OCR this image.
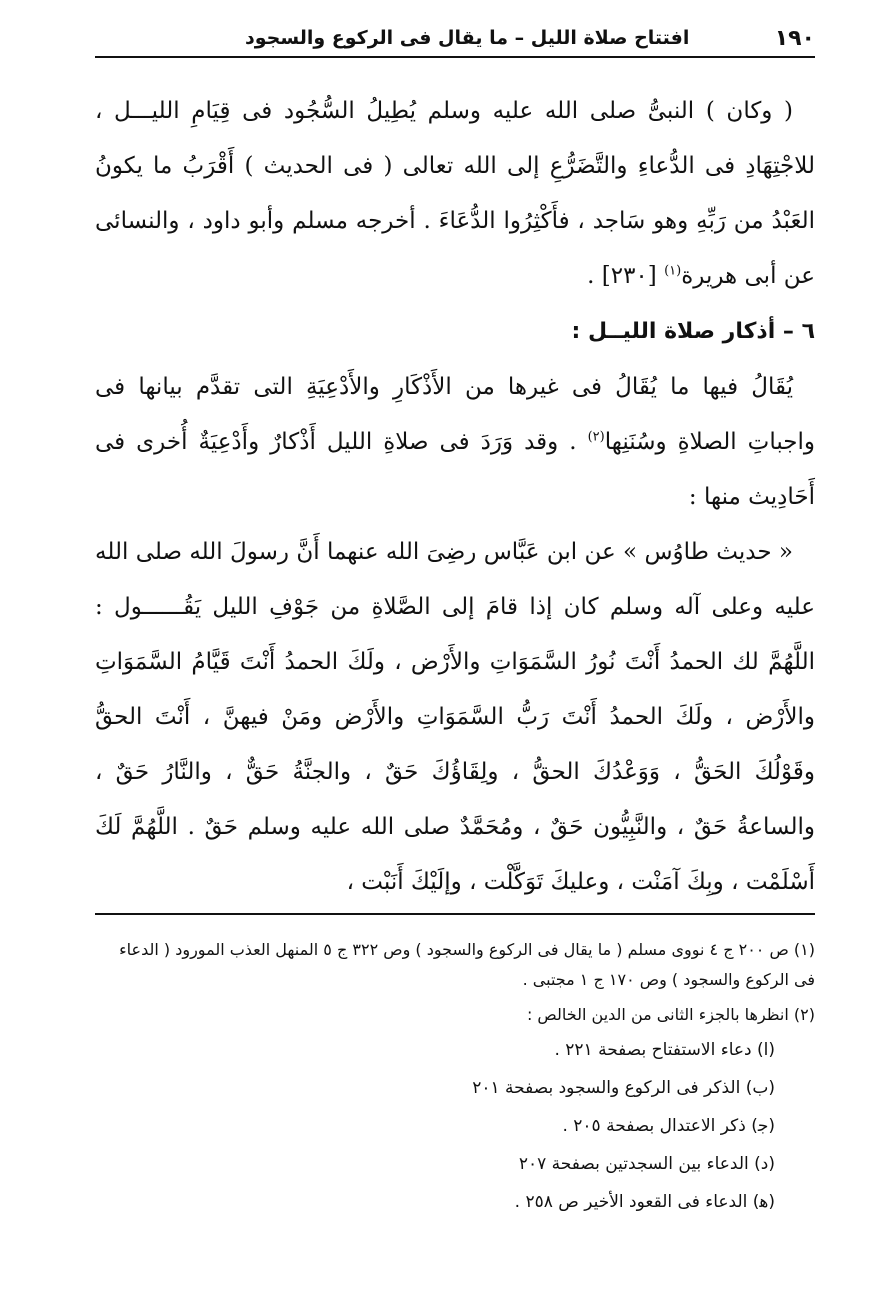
١٩٠
افتتاح صلاة الليل – ما يقال فى الركوع والسجود

( وكان ) النبىُّ صلى الله عليه وسلم يُطِيلُ السُّجُود فى قِيَامِ الليـــل ، للاجْتِهَادِ فى الدُّعاءِ والتَّضَرُّعِ إلى الله تعالى ( فى الحديث ) أَقْرَبُ ما يكونُ العَبْدُ من رَبِّهِ وهو سَاجد ، فأَكْثِرُوا الدُّعَاءَ . أخرجه مسلم وأبو داود ، والنسائى عن أبى هريرة$^{(١)}$ [٢٣٠] .

٦ – أذكار صلاة الليــل :

يُقَالُ فيها ما يُقَالُ فى غيرها من الأَذْكَارِ والأَدْعِيَةِ التى تقدَّم بيانها فى واجباتِ الصلاةِ وسُنَنِها$^{(٢)}$ . وقد وَرَدَ فى صلاةِ الليل أَذْكارٌ وأَدْعِيَةٌ أُخرى فى أَحَادِيث منها :

« حديث طاوُس » عن ابن عَبَّاس رضِىَ الله عنهما أَنَّ رسولَ الله صلى الله عليه وعلى آله وسلم كان إذا قامَ إلى الصَّلاةِ من جَوْفِ الليل يَقُــــــول : اللَّهُمَّ لك الحمدُ أَنْتَ نُورُ السَّمَوَاتِ والأَرْض ، ولَكَ الحمدُ أَنْتَ قَيَّامُ السَّمَوَاتِ والأَرْض ، ولَكَ الحمدُ أَنْتَ رَبُّ السَّمَوَاتِ والأَرْض ومَنْ فيهنَّ ، أَنْتَ الحقُّ وقَوْلُكَ الحَقُّ ، وَوَعْدُكَ الحقُّ ، ولِقَاؤُكَ حَقٌ ، والجنَّةُ حَقٌّ ، والنَّارُ حَقٌ ، والساعةُ حَقٌ ، والنَّبِيُّون حَقٌ ، ومُحَمَّدٌ صلى الله عليه وسلم حَقٌ . اللَّهُمَّ لَكَ أَسْلَمْت ، وبِكَ آمَنْت ، وعليكَ تَوَكَّلْت ، وإلَيْكَ أَنَبْت ،

(١) ص ٢٠٠ ج ٤ نووى مسلم ( ما يقال فى الركوع والسجود ) وص ٣٢٢ ج ٥ المنهل العذب المورود ( الدعاء فى الركوع والسجود ) وص ١٧٠ ج ١ مجتبى .

(٢) انظرها بالجزء الثانى من الدين الخالص :

(ا) دعاء الاستفتاح بصفحة ٢٢١ .
(ب) الذكر فى الركوع والسجود بصفحة ٢٠١
(ﺟ) ذكر الاعتدال بصفحة ٢٠٥ .
(د) الدعاء بين السجدتين بصفحة ٢٠٧
(ﻫ) الدعاء فى القعود الأخير ص ٢٥٨ .
